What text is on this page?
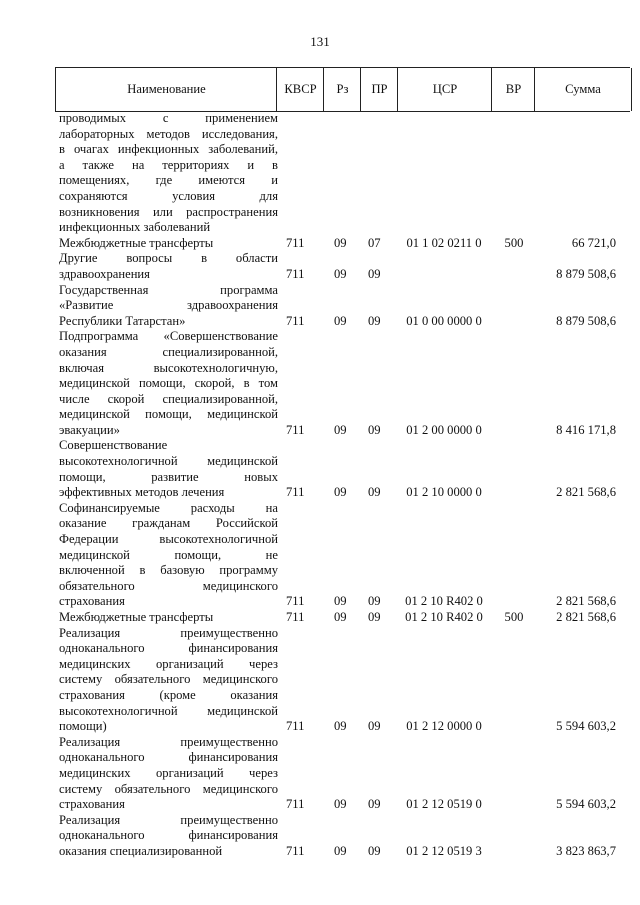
131
Наименование	КВСР	Рз	ПР	ЦСР	ВР	Сумма
проводимых с применением
лабораторных методов исследования,
в очагах инфекционных заболеваний,
а также на территориях и в
помещениях, где имеются и
сохраняются условия для
возникновения или распространения
инфекционных заболеваний
Межбюджетные трансферты	711 09 07	01 1 02 0211 0	500	66 721,0
Другие вопросы в области
здравоохранения	711 09 09	8 879 508,6
Государственная программа
«Развитие здравоохранения
Республики Татарстан»	711 09 09	01 0 00 0000 0	8 879 508,6
Подпрограмма «Совершенствование
оказания специализированной,
включая высокотехнологичную,
медицинской помощи, скорой, в том
числе скорой специализированной,
медицинской помощи, медицинской
эвакуации»	711 09 09	01 2 00 0000 0	8 416 171,8
Совершенствование
высокотехнологичной медицинской
помощи, развитие новых
эффективных методов лечения	711 09 09	01 2 10 0000 0	2 821 568,6
Софинансируемые расходы на
оказание гражданам Российской
Федерации высокотехнологичной
медицинской помощи, не
включенной в базовую программу
обязательного медицинского
страхования	711 09 09	01 2 10 R402 0	2 821 568,6
Межбюджетные трансферты	711 09 09	01 2 10 R402 0	500	2 821 568,6
Реализация преимущественно
одноканального финансирования
медицинских организаций через
систему обязательного медицинского
страхования (кроме оказания
высокотехнологичной медицинской
помощи)	711 09 09	01 2 12 0000 0	5 594 603,2
Реализация преимущественно
одноканального финансирования
медицинских организаций через
систему обязательного медицинского
страхования	711 09 09	01 2 12 0519 0	5 594 603,2
Реализация преимущественно
одноканального финансирования
оказания специализированной	711 09 09	01 2 12 0519 3	3 823 863,7
